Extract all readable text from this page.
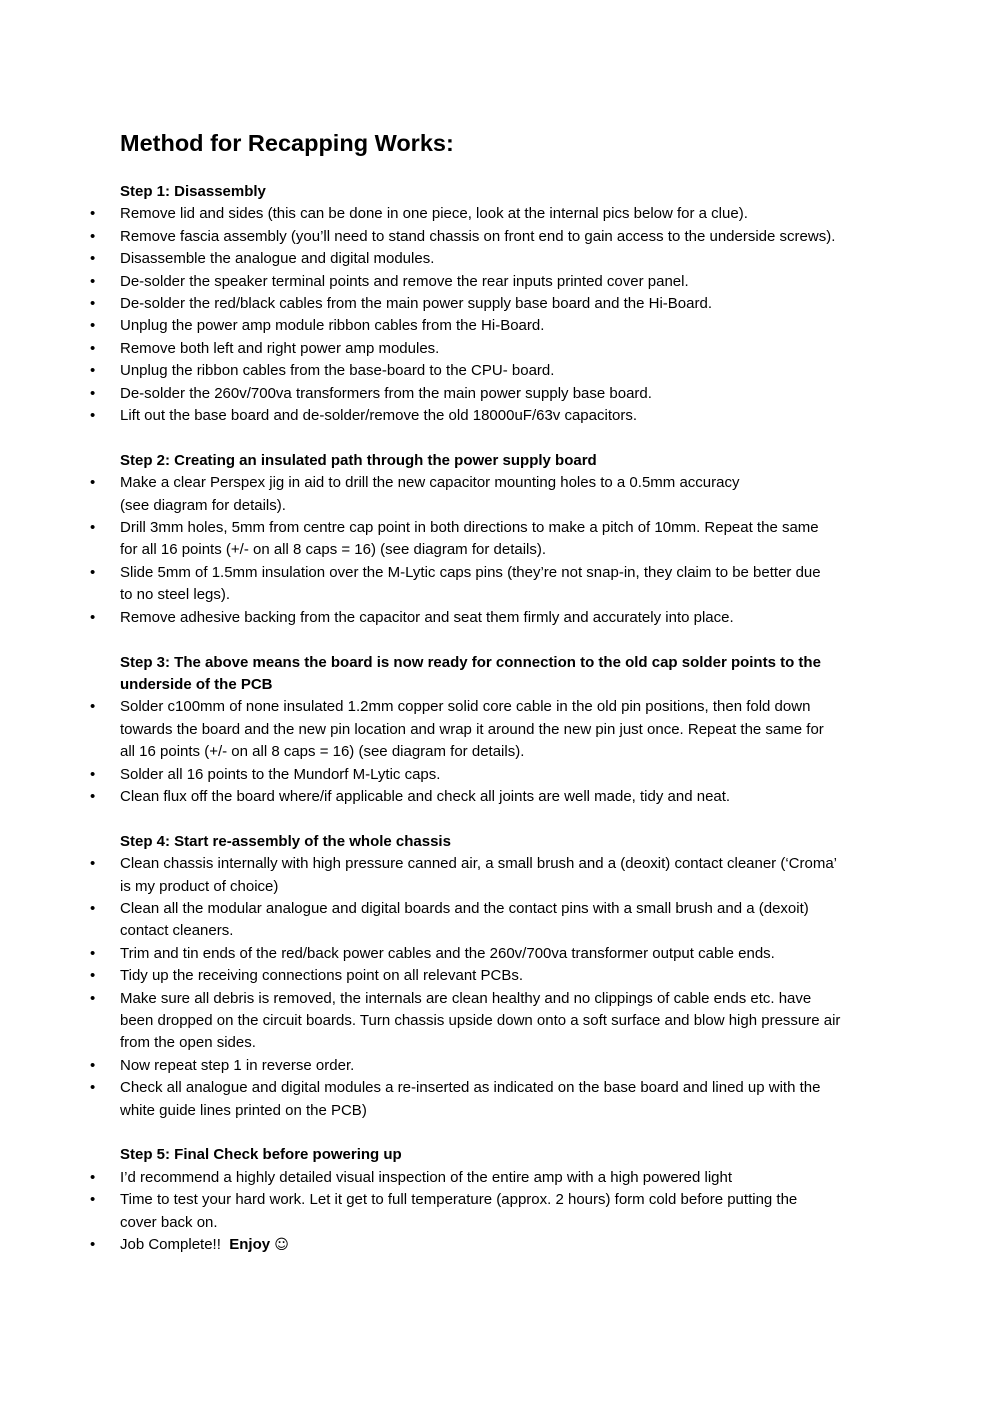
Method for Recapping Works:
Step 1: Disassembly
• Remove lid and sides (this can be done in one piece, look at the internal pics below for a clue).
• Remove fascia assembly (you’ll need to stand chassis on front end to gain access to the underside screws).
• Disassemble the analogue and digital modules.
• De-solder the speaker terminal points and remove the rear inputs printed cover panel.
• De-solder the red/black cables from the main power supply base board and the Hi-Board.
• Unplug the power amp module ribbon cables from the Hi-Board.
• Remove both left and right power amp modules.
• Unplug the ribbon cables from the base-board to the CPU- board.
• De-solder the 260v/700va transformers from the main power supply base board.
• Lift out the base board and de-solder/remove the old 18000uF/63v capacitors.
Step 2: Creating an insulated path through the power supply board
• Make a clear Perspex jig in aid to drill the new capacitor mounting holes to a 0.5mm accuracy
(see diagram for details).
• Drill 3mm holes, 5mm from centre cap point in both directions to make a pitch of 10mm. Repeat the same
for all 16 points (+/- on all 8 caps = 16) (see diagram for details).
• Slide 5mm of 1.5mm insulation over the M-Lytic caps pins (they’re not snap-in, they claim to be better due
to no steel legs).
• Remove adhesive backing from the capacitor and seat them firmly and accurately into place.
Step 3: The above means the board is now ready for connection to the old cap solder points to the
underside of the PCB
• Solder c100mm of none insulated 1.2mm copper solid core cable in the old pin positions, then fold down
towards the board and the new pin location and wrap it around the new pin just once. Repeat the same for
all 16 points (+/- on all 8 caps = 16) (see diagram for details).
• Solder all 16 points to the Mundorf M-Lytic caps.
• Clean flux off the board where/if applicable and check all joints are well made, tidy and neat.
Step 4: Start re-assembly of the whole chassis
• Clean chassis internally with high pressure canned air, a small brush and a (deoxit) contact cleaner (‘Croma’
is my product of choice)
• Clean all the modular analogue and digital boards and the contact pins with a small brush and a (dexoit)
contact cleaners.
• Trim and tin ends of the red/back power cables and the 260v/700va transformer output cable ends.
• Tidy up the receiving connections point on all relevant PCBs.
• Make sure all debris is removed, the internals are clean healthy and no clippings of cable ends etc. have
been dropped on the circuit boards. Turn chassis upside down onto a soft surface and blow high pressure air
from the open sides.
• Now repeat step 1 in reverse order.
• Check all analogue and digital modules a re-inserted as indicated on the base board and lined up with the
white guide lines printed on the PCB)
Step 5: Final Check before powering up
• I’d recommend a highly detailed visual inspection of the entire amp with a high powered light
• Time to test your hard work. Let it get to full temperature (approx. 2 hours) form cold before putting the
cover back on.
• Job Complete!! Enjoy ☺
